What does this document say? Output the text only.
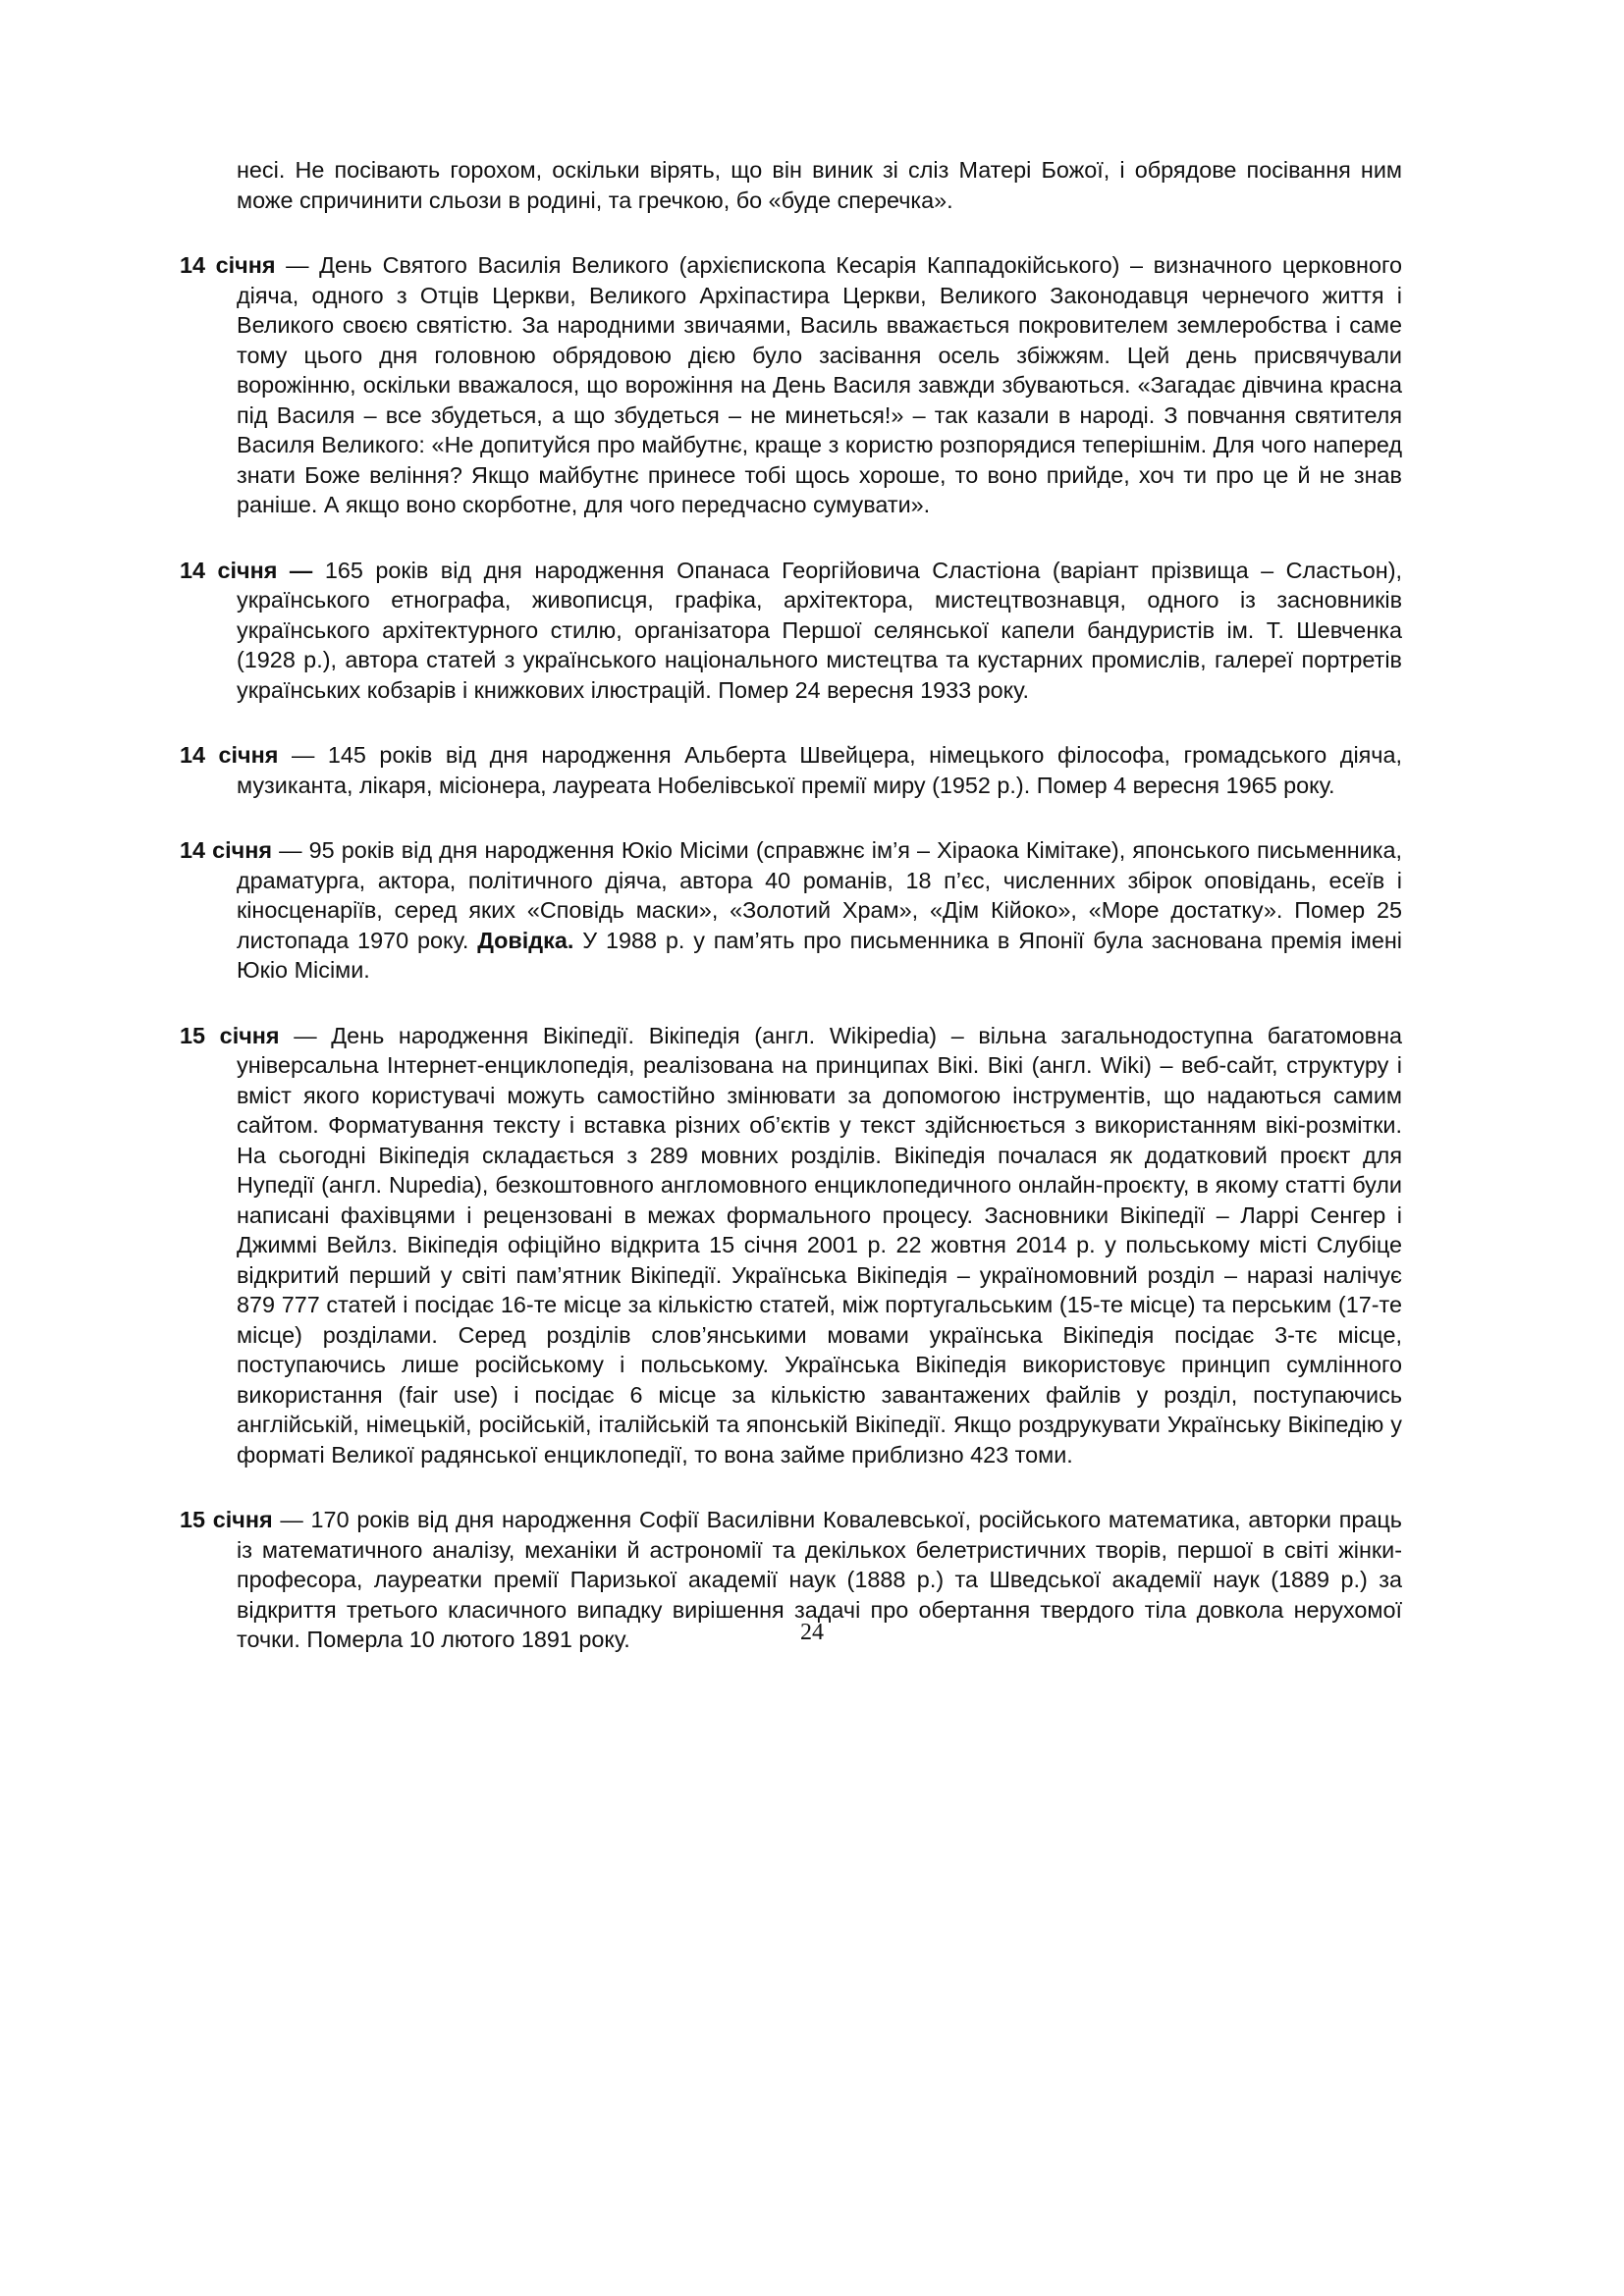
несі. Не посівають горохом, оскільки вірять, що він виник зі сліз Матері Божої, і обрядове посівання ним може спричинити сльози в родині, та гречкою, бо «буде сперечка».

14 січня — День Святого Василія Великого (архієпископа Кесарія Каппадокійського) – визначного церковного діяча, одного з Отців Церкви, Великого Архіпастира Церкви, Великого Законодавця чернечого життя і Великого своєю святістю. За народними звичаями, Василь вважається покровителем землеробства і саме тому цього дня головною обрядовою дією було засівання осель збіжжям. Цей день присвячували ворожінню, оскільки вважалося, що ворожіння на День Василя завжди збуваються. «Загадає дівчина красна під Василя – все збудеться, а що збудеться – не минеться!» – так казали в народі. З повчання святителя Василя Великого: «Не допитуйся про майбутнє, краще з користю розпорядися теперішнім. Для чого наперед знати Боже веління? Якщо майбутнє принесе тобі щось хороше, то воно прийде, хоч ти про це й не знав раніше. А якщо воно скорботне, для чого передчасно сумувати».

14 січня — 165 років від дня народження Опанаса Георгійовича Сластіона (варіант прізвища – Сластьон), українського етнографа, живописця, графіка, архітектора, мистецтвознавця, одного із засновників українського архітектурного стилю, організатора Першої селянської капели бандуристів ім. Т. Шевченка (1928 р.), автора статей з українського національного мистецтва та кустарних промислів, галереї портретів українських кобзарів і книжкових ілюстрацій. Помер 24 вересня 1933 року.

14 січня — 145 років від дня народження Альберта Швейцера, німецького філософа, громадського діяча, музиканта, лікаря, місіонера, лауреата Нобелівської премії миру (1952 р.). Помер 4 вересня 1965 року.

14 січня — 95 років від дня народження Юкіо Місіми (справжнє ім’я – Хіраока Кімітаке), японського письменника, драматурга, актора, політичного діяча, автора 40 романів, 18 п’єс, численних збірок оповідань, есеїв і кіносценаріїв, серед яких «Сповідь маски», «Золотий Храм», «Дім Кійоко», «Море достатку». Помер 25 листопада 1970 року. Довідка. У 1988 р. у пам’ять про письменника в Японії була заснована премія імені Юкіо Місіми.

15 січня — День народження Вікіпедії. Вікіпедія (англ. Wikipedia) – вільна загальнодоступна багатомовна універсальна Інтернет-енциклопедія, реалізована на принципах Вікі. Вікі (англ. Wiki) – веб-сайт, структуру і вміст якого користувачі можуть самостійно змінювати за допомогою інструментів, що надаються самим сайтом. Форматування тексту і вставка різних об’єктів у текст здійснюється з використанням вікі-розмітки. На сьогодні Вікіпедія складається з 289 мовних розділів. Вікіпедія почалася як додатковий проєкт для Нупедії (англ. Nupedia), безкоштовного англомовного енциклопедичного онлайн-проєкту, в якому статті були написані фахівцями і рецензовані в межах формального процесу. Засновники Вікіпедії – Ларрі Сенгер і Джиммі Вейлз. Вікіпедія офіційно відкрита 15 січня 2001 р. 22 жовтня 2014 р. у польському місті Слубіце відкритий перший у світі пам’ятник Вікіпедії. Українська Вікіпедія – україномовний розділ – наразі налічує 879 777 статей і посідає 16-те місце за кількістю статей, між португальським (15-те місце) та перським (17-те місце) розділами. Серед розділів слов’янськими мовами українська Вікіпедія посідає 3-тє місце, поступаючись лише російському і польському. Українська Вікіпедія використовує принцип сумлінного використання (fair use) і посідає 6 місце за кількістю завантажених файлів у розділ, поступаючись англійській, німецькій, російській, італійській та японській Вікіпедії. Якщо роздрукувати Українську Вікіпедію у форматі Великої радянської енциклопедії, то вона займе приблизно 423 томи.

15 січня — 170 років від дня народження Софії Василівни Ковалевської, російського математика, авторки праць із математичного аналізу, механіки й астрономії та декількох белетристичних творів, першої в світі жінки-професора, лауреатки премії Паризької академії наук (1888 р.) та Шведської академії наук (1889 р.) за відкриття третього класичного випадку вирішення задачі про обертання твердого тіла довкола нерухомої точки. Померла 10 лютого 1891 року.	24
